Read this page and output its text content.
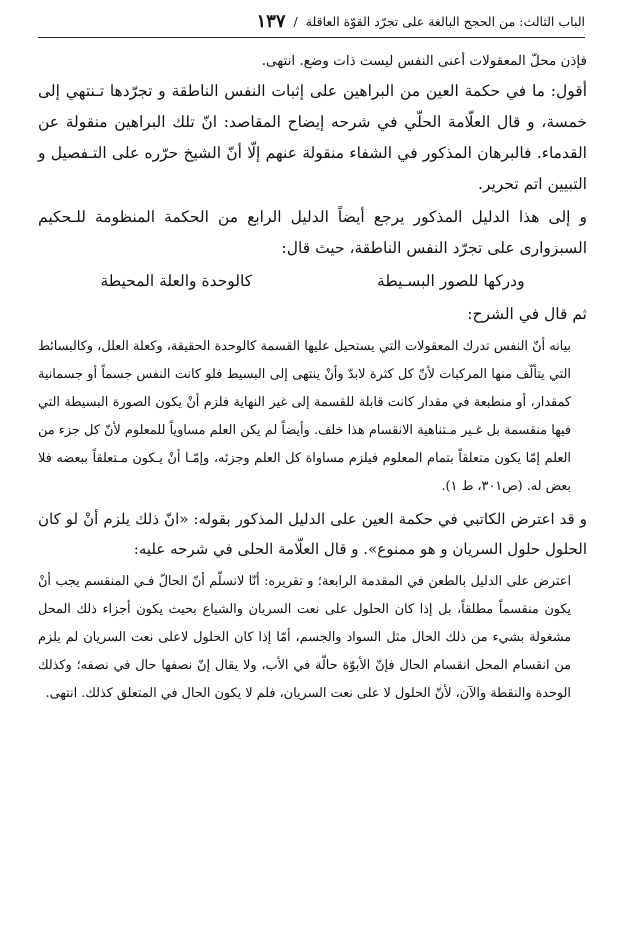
الباب الثالث: من الحجج البالغة على تجرّد القوّة العاقلة
/
١٣٧

فإذن محلّ المعقولات أعنى النفس ليست ذات وضع. انتهى.

أقول: ما في حكمة العين من البراهين على إثبات النفس الناطقة و تجرّدها تـنتهي إلى خمسة، و قال العلّامة الحلّي في شرحه إيضاح المقاصد: انّ تلك البراهين منقولة عن القدماء. فالبرهان المذكور في الشفاء منقولة عنهم إلّا أنّ الشيخ حرّره على التـفصيل و التبيين اتم تحرير.

و إلى هذا الدليل المذكور يرجع أيضاً الدليل الرابع من الحكمة المنظومة للـحكيم السبزوارى على تجرّد النفس الناطقة، حيث قال:

ودركها للصور البسـيطة
كالوحدة والعلة المحيطة

ثم قال في الشرح:

بيانه أنّ النفس تدرك المعقولات التي يستحيل عليها القسمة كالوحدة الحقيقة، وكعلة العلل، وكالبسائط التي يتألّف منها المركبات لأنّ كل كثرة لابدّ وأنْ ينتهى إلى البسيط فلو كانت النفس جسماً أو جسمانية كمقدار، أو منطبعة في مقدار كانت قابلة للقسمة إلى غير النهاية فلزم أنْ يكون الصورة البسيطة التي فيها منقسمة بل غـير مـتناهية الانقسام هذا خلف. وأيضاً لم يكن العلم مساوياً للمعلوم لأنّ كل جزء من العلم إمّا يكون متعلقاً بتمام المعلوم فيلزم مساواة كل العلم وجزئه، وإمّـا أنْ يـكون مـتعلقاً ببعضه فلا بعض له. (ص٣٠١، ط ١).

و قد اعترض الكاتبي في حكمة العين على الدليل المذكور بقوله: «انّ ذلك يلزم أنْ لو كان الحلول حلول السريان و هو ممنوع». و قال العلّامة الحلى في شرحه عليه:

اعترض على الدليل بالطعن في المقدمة الرابعة؛ و تقريره: أنّا لانسلّم أنّ الحالّ فـي المنقسم يجب أنْ يكون منقسماً مطلقاً، بل إذا كان الحلول على نعت السريان والشياع بحيث يكون أجزاء ذلك المحل مشغولة بشيء من ذلك الحال مثل السواد والجسم، أمّا إذا كان الحلول لاعلى نعت السريان لم يلزم من انقسام المحل انقسام الحال فإنّ الأبوّة حالّة في الأب، ولا يقال إنّ نصفها حال في نصفه؛ وكذلك الوحدة والنقطة والآن، لأنّ الحلول لا على نعت السريان، فلم لا يكون الحال في المتعلق كذلك. انتهى.
